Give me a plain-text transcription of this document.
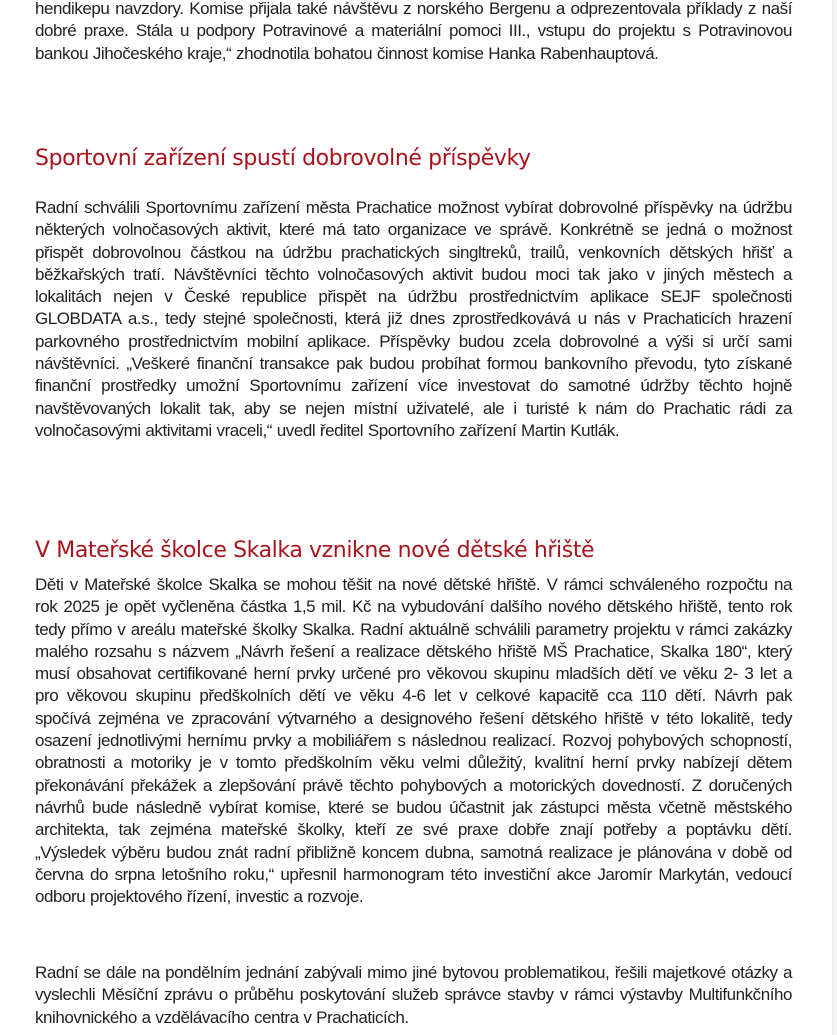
hendikepu navzdory. Komise přijala také návštěvu z norského Bergenu a odprezentovala příklady z naší dobré praxe. Stála u podpory Potravinové a materiální pomoci III., vstupu do projektu s Potravinovou bankou Jihočeského kraje,“ zhodnotila bohatou činnost komise Hanka Rabenhauptová.

Sportovní zařízení spustí dobrovolné příspěvky

Radní schválili Sportovnímu zařízení města Prachatice možnost vybírat dobrovolné příspěvky na údržbu některých volnočasových aktivit, které má tato organizace ve správě. Konkrétně se jedná o možnost přispět dobrovolnou částkou na údržbu prachatických singltreků, trailů, venkovních dětských hřišť a běžkařských tratí. Návštěvníci těchto volnočasových aktivit budou moci tak jako v jiných městech a lokalitách nejen v České republice přispět na údržbu prostřednictvím aplikace SEJF společnosti GLOBDATA a.s., tedy stejné společnosti, která již dnes zprostředkovává u nás v Prachaticích hrazení parkovného prostřednictvím mobilní aplikace. Příspěvky budou zcela dobrovolné a výši si určí sami návštěvníci. „Veškeré finanční transakce pak budou probíhat formou bankovního převodu, tyto získané finanční prostředky umožní Sportovnímu zařízení více investovat do samotné údržby těchto hojně navštěvovaných lokalit tak, aby se nejen místní uživatelé, ale i turisté k nám do Prachatic rádi za volnočasovými aktivitami vraceli,“ uvedl ředitel Sportovního zařízení Martin Kutlák.

V Mateřské školce Skalka vznikne nové dětské hřiště

Děti v Mateřské školce Skalka se mohou těšit na nové dětské hřiště. V rámci schváleného rozpočtu na rok 2025 je opět vyčleněna částka 1,5 mil. Kč na vybudování dalšího nového dětského hřiště, tento rok tedy přímo v areálu mateřské školky Skalka. Radní aktuálně schválili parametry projektu v rámci zakázky malého rozsahu s názvem „Návrh řešení a realizace dětského hřiště MŠ Prachatice, Skalka 180“, který musí obsahovat certifikované herní prvky určené pro věkovou skupinu mladších dětí ve věku 2- 3 let a pro věkovou skupinu předškolních dětí ve věku 4-6 let v celkové kapacitě cca 110 dětí. Návrh pak spočívá zejména ve zpracování výtvarného a designového řešení dětského hřiště v této lokalitě, tedy osazení jednotlivými hernímu prvky a mobiliářem s následnou realizací. Rozvoj pohybových schopností, obratnosti a motoriky je v tomto předškolním věku velmi důležitý, kvalitní herní prvky nabízejí dětem překonávání překážek a zlepšování právě těchto pohybových a motorických dovedností. Z doručených návrhů bude následně vybírat komise, které se budou účastnit jak zástupci města včetně městského architekta, tak zejména mateřské školky, kteří ze své praxe dobře znají potřeby a poptávku dětí. „Výsledek výběru budou znát radní přibližně koncem dubna, samotná realizace je plánována v době od června do srpna letošního roku,“ upřesnil harmonogram této investiční akce Jaromír Markytán, vedoucí odboru projektového řízení, investic a rozvoje.

Radní se dále na pondělním jednání zabývali mimo jiné bytovou problematikou, řešili majetkové otázky a vyslechli Měsíční zprávu o průběhu poskytování služeb správce stavby v rámci výstavby Multifunkčního knihovnického a vzdělávacího centra v Prachaticích.
